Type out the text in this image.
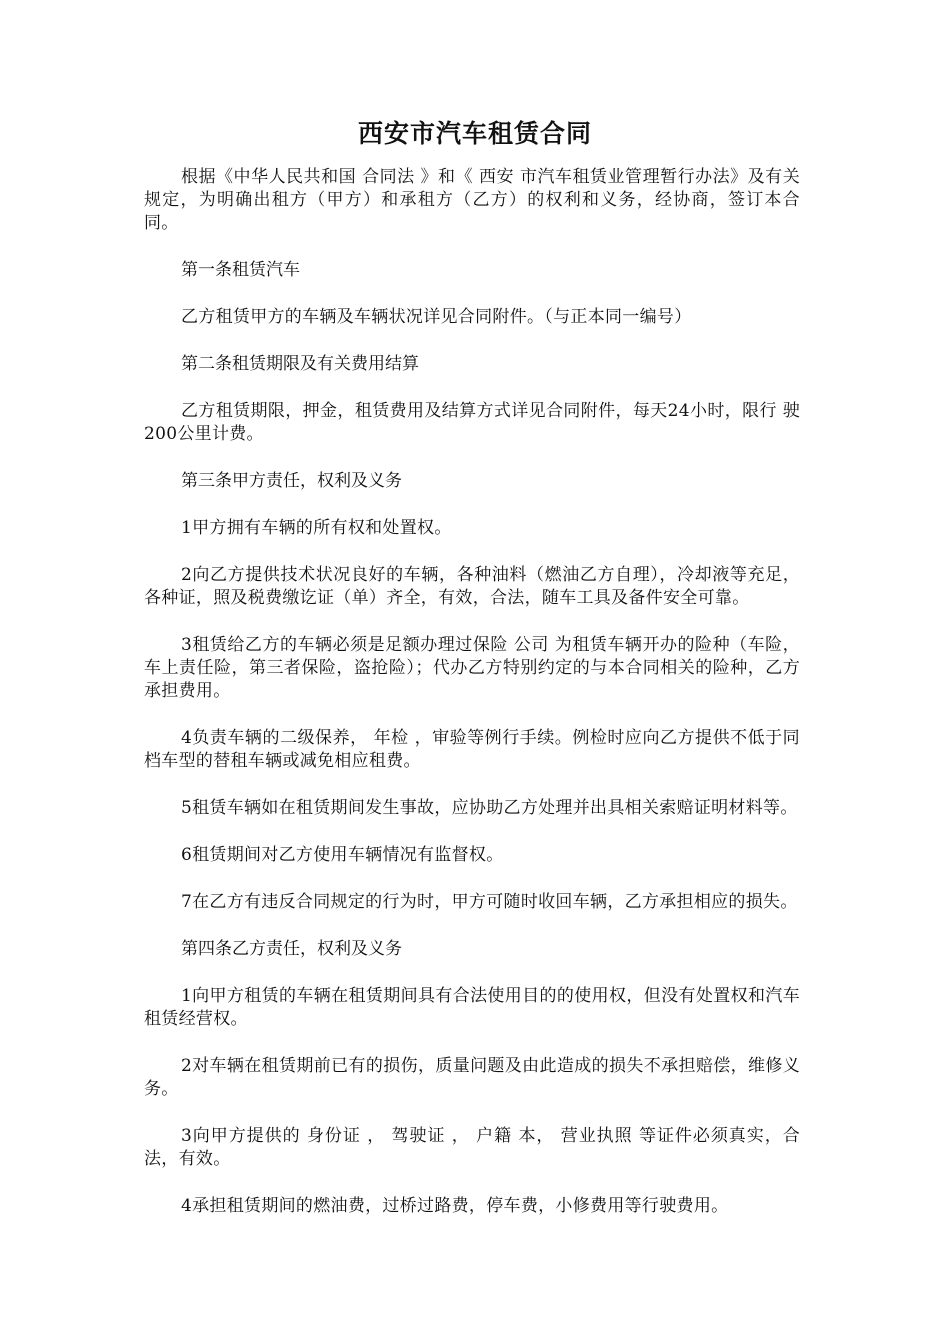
西安市汽车租赁合同

根据《中华人民共和国 合同法 》和《 西安 市汽车租赁业管理暂行办法》及有关规定，为明确出租方（甲方）和承租方（乙方）的权利和义务，经协商，签订本合同。

第一条租赁汽车

乙方租赁甲方的车辆及车辆状况详见合同附件。（与正本同一编号）

第二条租赁期限及有关费用结算

乙方租赁期限，押金，租赁费用及结算方式详见合同附件，每天24小时，限行 驶200公里计费。

第三条甲方责任，权利及义务

1甲方拥有车辆的所有权和处置权。

2向乙方提供技术状况良好的车辆，各种油料（燃油乙方自理），冷却液等充足，各种证，照及税费缴讫证（单）齐全，有效，合法，随车工具及备件安全可靠。

3租赁给乙方的车辆必须是足额办理过保险 公司 为租赁车辆开办的险种（车险，车上责任险，第三者保险，盗抢险）；代办乙方特别约定的与本合同相关的险种，乙方承担费用。

4负责车辆的二级保养， 年检 ，审验等例行手续。例检时应向乙方提供不低于同档车型的替租车辆或减免相应租费。

5租赁车辆如在租赁期间发生事故，应协助乙方处理并出具相关索赔证明材料等。

6租赁期间对乙方使用车辆情况有监督权。

7在乙方有违反合同规定的行为时，甲方可随时收回车辆，乙方承担相应的损失。

第四条乙方责任，权利及义务

1向甲方租赁的车辆在租赁期间具有合法使用目的的使用权，但没有处置权和汽车租赁经营权。

2对车辆在租赁期前已有的损伤，质量问题及由此造成的损失不承担赔偿，维修义务。

3向甲方提供的 身份证 ， 驾驶证 ， 户籍 本， 营业执照 等证件必须真实，合法，有效。

4承担租赁期间的燃油费，过桥过路费，停车费，小修费用等行驶费用。
